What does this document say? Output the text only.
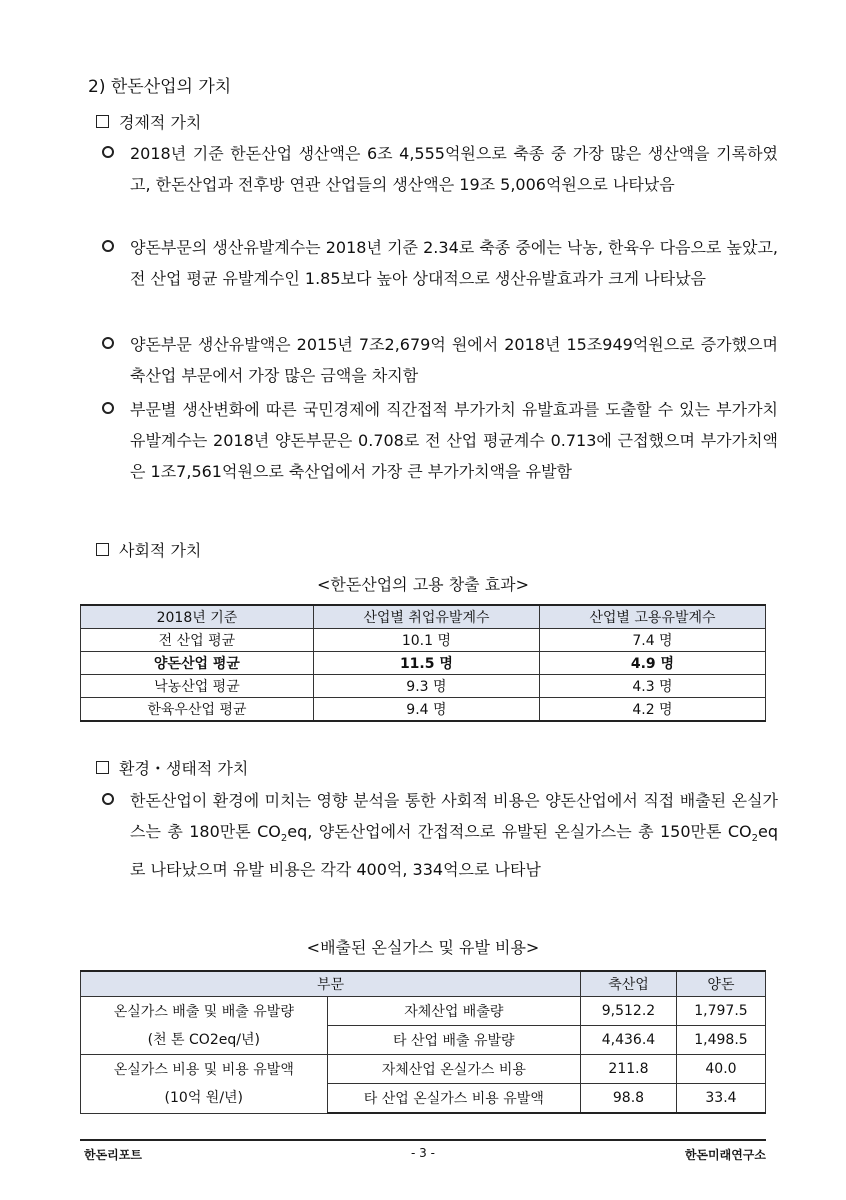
2) 한돈산업의 가치
경제적 가치
2018년 기준 한돈산업 생산액은 6조 4,555억원으로 축종 중 가장 많은 생산액을 기록하였고, 한돈산업과 전후방 연관 산업들의 생산액은 19조 5,006억원으로 나타났음
양돈부문의 생산유발계수는 2018년 기준 2.34로 축종 중에는 낙농, 한육우 다음으로 높았고, 전 산업 평균 유발계수인 1.85보다 높아 상대적으로 생산유발효과가 크게 나타났음
양돈부문 생산유발액은 2015년 7조2,679억 원에서 2018년 15조949억원으로 증가했으며 축산업 부문에서 가장 많은 금액을 차지함
부문별 생산변화에 따른 국민경제에 직간접적 부가가치 유발효과를 도출할 수 있는 부가가치유발계수는 2018년 양돈부문은 0.708로 전 산업 평균계수 0.713에 근접했으며 부가가치액은 1조7,561억원으로 축산업에서 가장 큰 부가가치액을 유발함
사회적 가치
<한돈산업의 고용 창출 효과>
2018년 기준	산업별 취업유발계수	산업별 고용유발계수
전 산업 평균	10.1 명	7.4 명
양돈산업 평균	11.5 명	4.9 명
낙농산업 평균	9.3 명	4.3 명
한육우산업 평균	9.4 명	4.2 명
환경・생태적 가치
한돈산업이 환경에 미치는 영향 분석을 통한 사회적 비용은 양돈산업에서 직접 배출된 온실가스는 총 180만톤 $CO_2eq$, 양돈산업에서 간접적으로 유발된 온실가스는 총 150만톤 $CO_2eq$로 나타났으며 유발 비용은 각각 400억, 334억으로 나타남
<배출된 온실가스 및 유발 비용>
부문		축산업	양돈

온실가스 배출 및 배출 유발량
(천 톤 CO2eq/년)	자체산업 배출량	9,512.2	1,797.5
	타 산업 배출 유발량	4,436.4	1,498.5

온실가스 비용 및 비용 유발액
(10억 원/년)	자체산업 온실가스 비용	211.8	40.0
	타 산업 온실가스 비용 유발액	98.8	33.4
한돈리포트	- 3 -	한돈미래연구소
